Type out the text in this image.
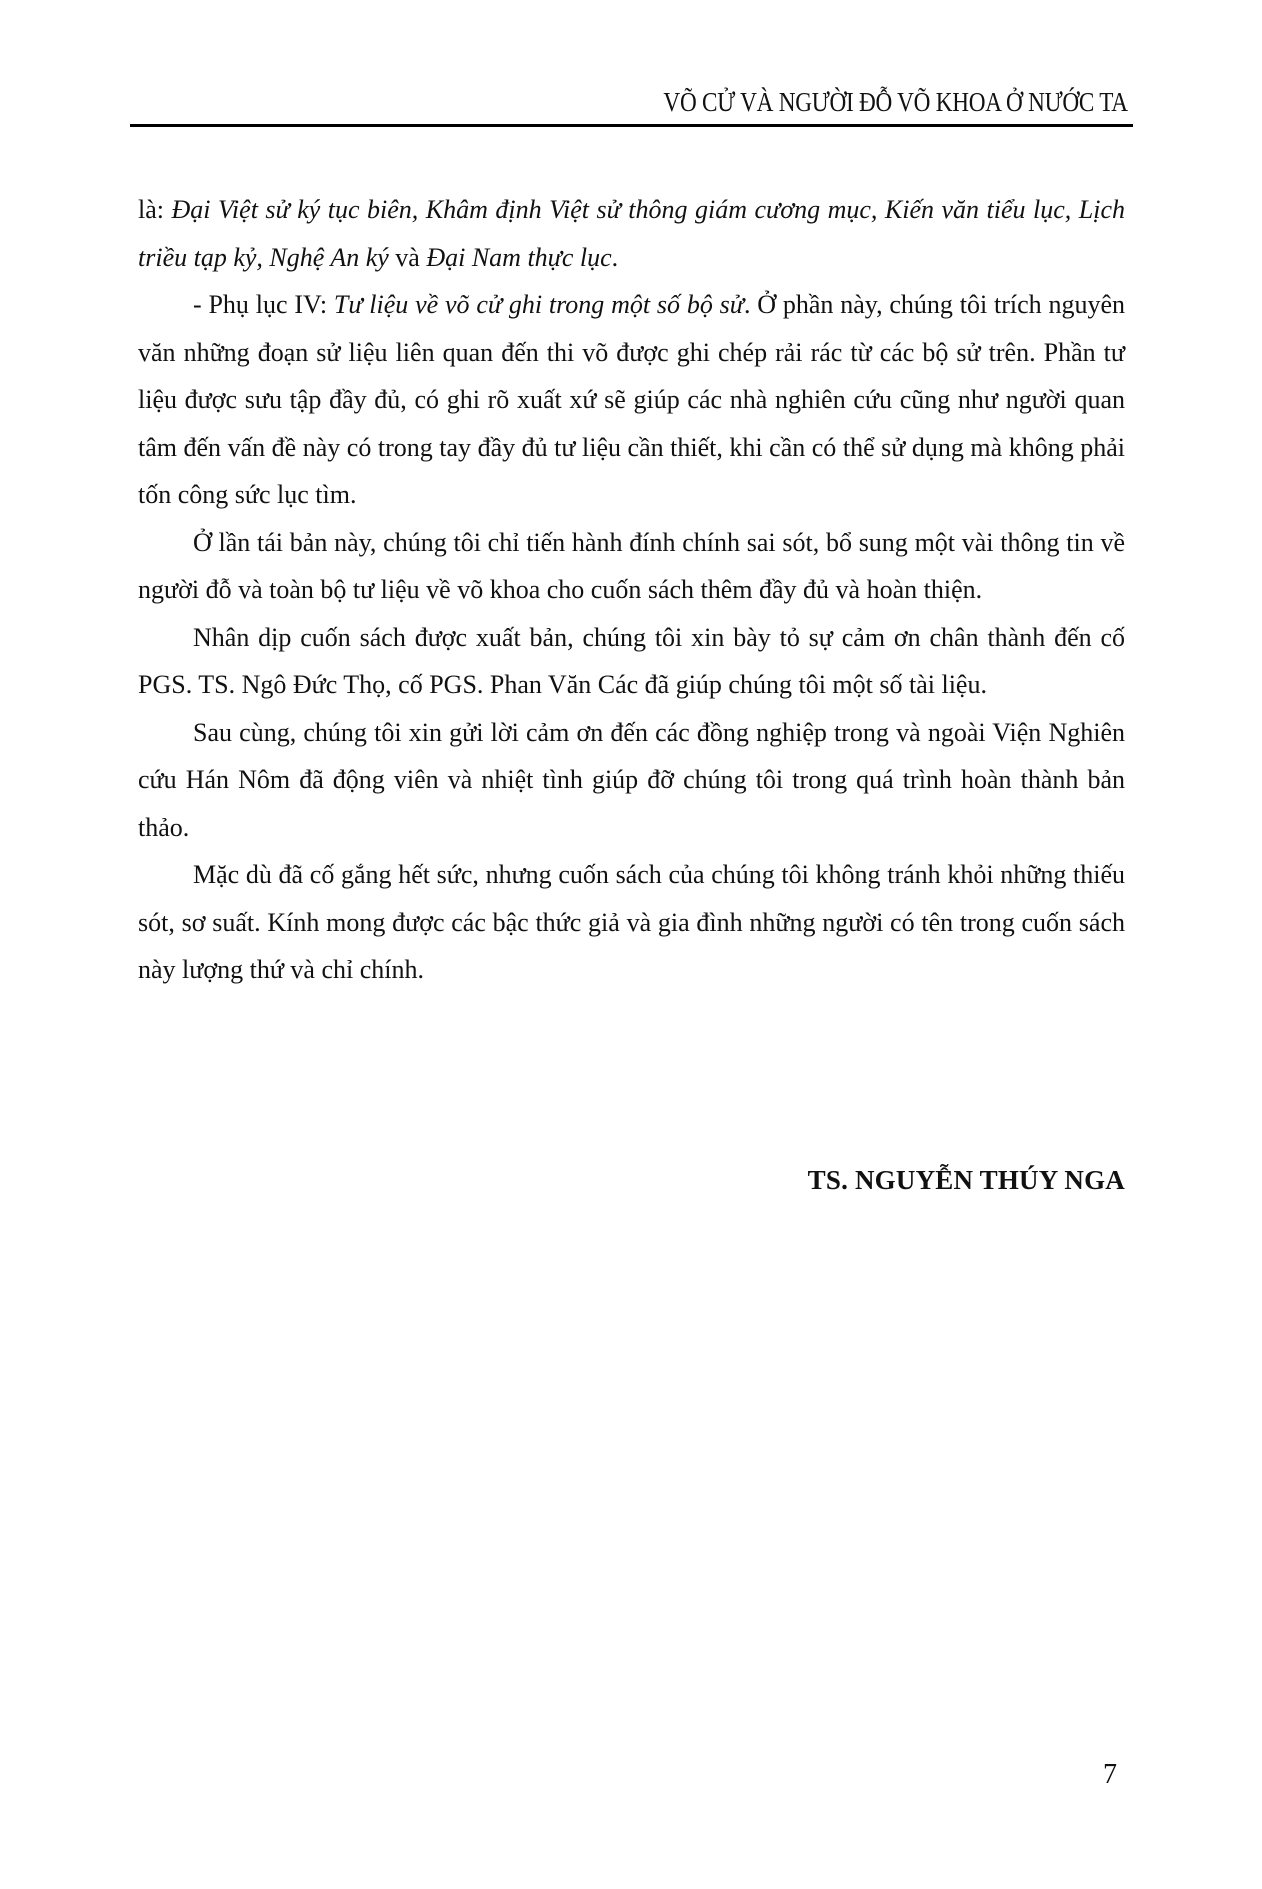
VÕ CỬ VÀ NGƯỜI ĐỖ VÕ KHOA Ở NƯỚC TA

là: Đại Việt sử ký tục biên, Khâm định Việt sử thông giám cương mục, Kiến văn tiểu lục, Lịch triều tạp kỷ, Nghệ An ký và Đại Nam thực lục.

- Phụ lục IV: Tư liệu về võ cử ghi trong một số bộ sử. Ở phần này, chúng tôi trích nguyên văn những đoạn sử liệu liên quan đến thi võ được ghi chép rải rác từ các bộ sử trên. Phần tư liệu được sưu tập đầy đủ, có ghi rõ xuất xứ sẽ giúp các nhà nghiên cứu cũng như người quan tâm đến vấn đề này có trong tay đầy đủ tư liệu cần thiết, khi cần có thể sử dụng mà không phải tốn công sức lục tìm.

Ở lần tái bản này, chúng tôi chỉ tiến hành đính chính sai sót, bổ sung một vài thông tin về người đỗ và toàn bộ tư liệu về võ khoa cho cuốn sách thêm đầy đủ và hoàn thiện.

Nhân dịp cuốn sách được xuất bản, chúng tôi xin bày tỏ sự cảm ơn chân thành đến cố PGS. TS. Ngô Đức Thọ, cố PGS. Phan Văn Các đã giúp chúng tôi một số tài liệu.

Sau cùng, chúng tôi xin gửi lời cảm ơn đến các đồng nghiệp trong và ngoài Viện Nghiên cứu Hán Nôm đã động viên và nhiệt tình giúp đỡ chúng tôi trong quá trình hoàn thành bản thảo.

Mặc dù đã cố gắng hết sức, nhưng cuốn sách của chúng tôi không tránh khỏi những thiếu sót, sơ suất. Kính mong được các bậc thức giả và gia đình những người có tên trong cuốn sách này lượng thứ và chỉ chính.

TS. NGUYỄN THÚY NGA
7
